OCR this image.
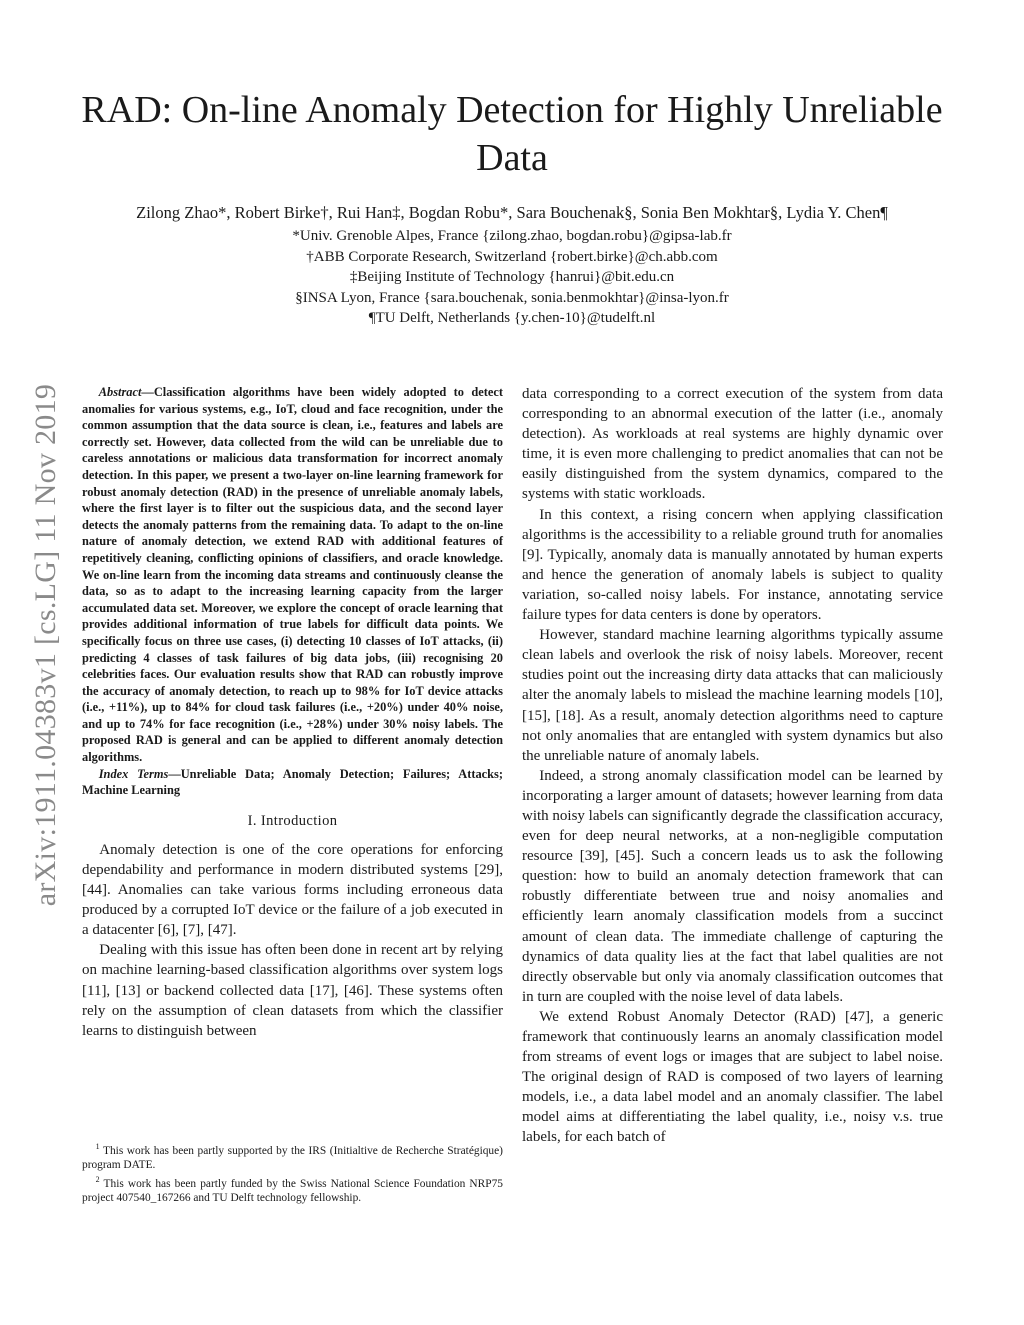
arXiv:1911.04383v1 [cs.LG] 11 Nov 2019
RAD: On-line Anomaly Detection for Highly Unreliable Data
Zilong Zhao*, Robert Birke†, Rui Han‡, Bogdan Robu*, Sara Bouchenak§, Sonia Ben Mokhtar§, Lydia Y. Chen¶

*Univ. Grenoble Alpes, France {zilong.zhao, bogdan.robu}@gipsa-lab.fr

†ABB Corporate Research, Switzerland {robert.birke}@ch.abb.com

‡Beijing Institute of Technology {hanrui}@bit.edu.cn

§INSA Lyon, France {sara.bouchenak, sonia.benmokhtar}@insa-lyon.fr

¶TU Delft, Netherlands {y.chen-10}@tudelft.nl

Abstract—Classification algorithms have been widely adopted to detect anomalies for various systems, e.g., IoT, cloud and face recognition, under the common assumption that the data source is clean, i.e., features and labels are correctly set. However, data collected from the wild can be unreliable due to careless annotations or malicious data transformation for incorrect anomaly detection. In this paper, we present a two-layer on-line learning framework for robust anomaly detection (RAD) in the presence of unreliable anomaly labels, where the first layer is to filter out the suspicious data, and the second layer detects the anomaly patterns from the remaining data. To adapt to the on-line nature of anomaly detection, we extend RAD with additional features of repetitively cleaning, conflicting opinions of classifiers, and oracle knowledge. We on-line learn from the incoming data streams and continuously cleanse the data, so as to adapt to the increasing learning capacity from the larger accumulated data set. Moreover, we explore the concept of oracle learning that provides additional information of true labels for difficult data points. We specifically focus on three use cases, (i) detecting 10 classes of IoT attacks, (ii) predicting 4 classes of task failures of big data jobs, (iii) recognising 20 celebrities faces. Our evaluation results show that RAD can robustly improve the accuracy of anomaly detection, to reach up to 98% for IoT device attacks (i.e., +11%), up to 84% for cloud task failures (i.e., +20%) under 40% noise, and up to 74% for face recognition (i.e., +28%) under 30% noisy labels. The proposed RAD is general and can be applied to different anomaly detection algorithms.

Index Terms—Unreliable Data; Anomaly Detection; Failures; Attacks; Machine Learning

I. Introduction

Anomaly detection is one of the core operations for enforcing dependability and performance in modern distributed systems [29], [44]. Anomalies can take various forms including erroneous data produced by a corrupted IoT device or the failure of a job executed in a datacenter [6], [7], [47].

Dealing with this issue has often been done in recent art by relying on machine learning-based classification algorithms over system logs [11], [13] or backend collected data [17], [46]. These systems often rely on the assumption of clean datasets from which the classifier learns to distinguish between

$^1$ This work has been partly supported by the IRS (Initialtive de Recherche Stratégique) program DATE.

$^2$ This work has been partly funded by the Swiss National Science Foundation NRP75 project 407540_167266 and TU Delft technology fellowship.

data corresponding to a correct execution of the system from data corresponding to an abnormal execution of the latter (i.e., anomaly detection). As workloads at real systems are highly dynamic over time, it is even more challenging to predict anomalies that can not be easily distinguished from the system dynamics, compared to the systems with static workloads.

In this context, a rising concern when applying classification algorithms is the accessibility to a reliable ground truth for anomalies [9]. Typically, anomaly data is manually annotated by human experts and hence the generation of anomaly labels is subject to quality variation, so-called noisy labels. For instance, annotating service failure types for data centers is done by operators.

However, standard machine learning algorithms typically assume clean labels and overlook the risk of noisy labels. Moreover, recent studies point out the increasing dirty data attacks that can maliciously alter the anomaly labels to mislead the machine learning models [10], [15], [18]. As a result, anomaly detection algorithms need to capture not only anomalies that are entangled with system dynamics but also the unreliable nature of anomaly labels.

Indeed, a strong anomaly classification model can be learned by incorporating a larger amount of datasets; however learning from data with noisy labels can significantly degrade the classification accuracy, even for deep neural networks, at a non-negligible computation resource [39], [45]. Such a concern leads us to ask the following question: how to build an anomaly detection framework that can robustly differentiate between true and noisy anomalies and efficiently learn anomaly classification models from a succinct amount of clean data. The immediate challenge of capturing the dynamics of data quality lies at the fact that label qualities are not directly observable but only via anomaly classification outcomes that in turn are coupled with the noise level of data labels.

We extend Robust Anomaly Detector (RAD) [47], a generic framework that continuously learns an anomaly classification model from streams of event logs or images that are subject to label noise. The original design of RAD is composed of two layers of learning models, i.e., a data label model and an anomaly classifier. The label model aims at differentiating the label quality, i.e., noisy v.s. true labels, for each batch of
